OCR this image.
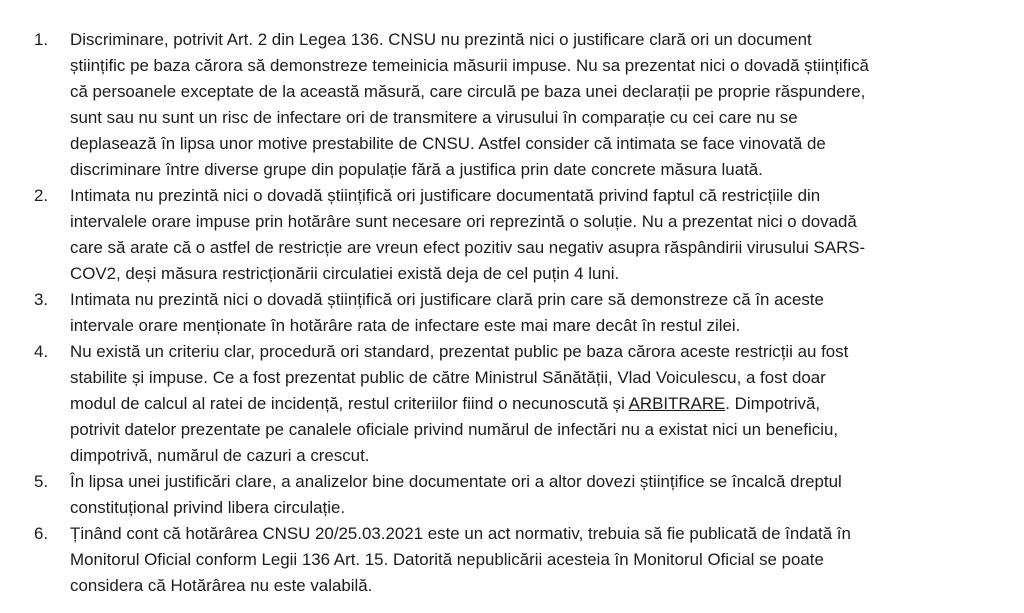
1.	Discriminare, potrivit Art. 2 din Legea 136. CNSU nu prezintă nici o justificare clară ori un document
științific pe baza cărora să demonstreze temeinicia măsurii impuse. Nu sa prezentat nici o dovadă științifică
că persoanele exceptate de la această măsură, care circulă pe baza unei declarații pe proprie răspundere,
sunt sau nu sunt un risc de infectare ori de transmitere a virusului în comparație cu cei care nu se
deplasează în lipsa unor motive prestabilite de CNSU. Astfel consider că intimata se face vinovată de
discriminare între diverse grupe din populație fără a justifica prin date concrete măsura luată.
2.	Intimata nu prezintă nici o dovadă științifică ori justificare documentată privind faptul că restricțiile din
intervalele orare impuse prin hotărâre sunt necesare ori reprezintă o soluție. Nu a prezentat nici o dovadă
care să arate că o astfel de restricție are vreun efect pozitiv sau negativ asupra răspândirii virusului SARS-
COV2, deși măsura restricționării circulatiei există deja de cel puțin 4 luni.
3.	Intimata nu prezintă nici o dovadă științifică ori justificare clară prin care să demonstreze că în aceste
intervale orare menționate în hotărâre rata de infectare este mai mare decât în restul zilei.
4.	Nu există un criteriu clar, procedură ori standard, prezentat public pe baza cărora aceste restricții au fost
stabilite și impuse. Ce a fost prezentat public de către Ministrul Sănătății, Vlad Voiculescu, a fost doar
modul de calcul al ratei de incidență, restul criteriilor fiind o necunoscută și ARBITRARE. Dimpotrivă,
potrivit datelor prezentate pe canalele oficiale privind numărul de infectări nu a existat nici un beneficiu,
dimpotrivă, numărul de cazuri a crescut.
5.	În lipsa unei justificări clare, a analizelor bine documentate ori a altor dovezi științifice se încalcă dreptul
constituțional privind libera circulație.
6.	Ținând cont că hotărârea CNSU 20/25.03.2021 este un act normativ, trebuia să fie publicată de îndată în
Monitorul Oficial conform Legii 136 Art. 15. Datorită nepublicării acesteia în Monitorul Oficial se poate
considera că Hotărârea nu este valabilă.
